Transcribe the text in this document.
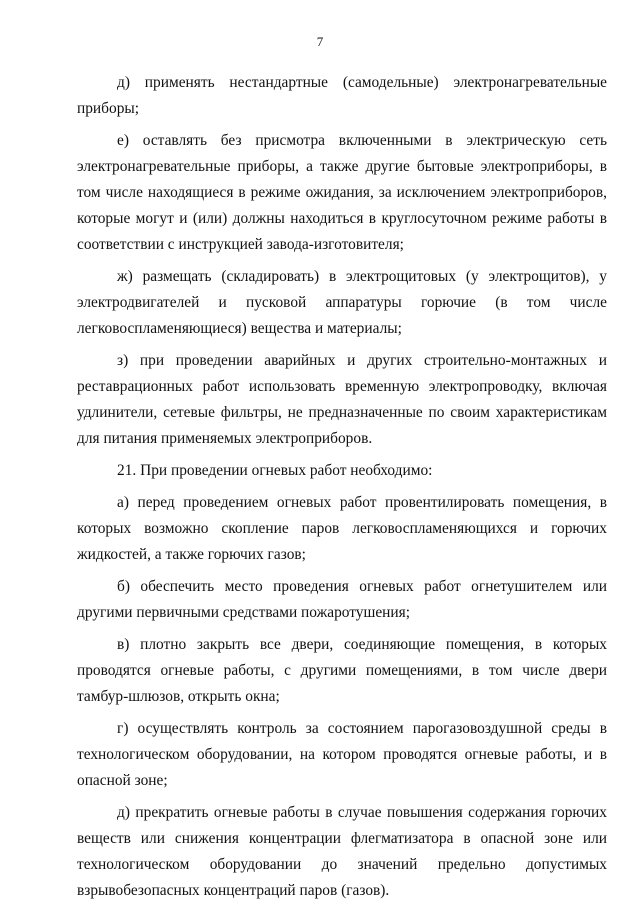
7

д) применять нестандартные (самодельные) электронагревательные приборы;

е) оставлять без присмотра включенными в электрическую сеть электронагревательные приборы, а также другие бытовые электроприборы, в том числе находящиеся в режиме ожидания, за исключением электроприборов, которые могут и (или) должны находиться в круглосуточном режиме работы в соответствии с инструкцией завода-изготовителя;

ж) размещать (складировать) в электрощитовых (у электрощитов), у электродвигателей и пусковой аппаратуры горючие (в том числе легковоспламеняющиеся) вещества и материалы;

з) при проведении аварийных и других строительно-монтажных и реставрационных работ использовать временную электропроводку, включая удлинители, сетевые фильтры, не предназначенные по своим характеристикам для питания применяемых электроприборов.

21. При проведении огневых работ необходимо:

а) перед проведением огневых работ провентилировать помещения, в которых возможно скопление паров легковоспламеняющихся и горючих жидкостей, а также горючих газов;

б) обеспечить место проведения огневых работ огнетушителем или другими первичными средствами пожаротушения;

в) плотно закрыть все двери, соединяющие помещения, в которых проводятся огневые работы, с другими помещениями, в том числе двери тамбур-шлюзов, открыть окна;

г) осуществлять контроль за состоянием парогазовоздушной среды в технологическом оборудовании, на котором проводятся огневые работы, и в опасной зоне;

д) прекратить огневые работы в случае повышения содержания горючих веществ или снижения концентрации флегматизатора в опасной зоне или технологическом оборудовании до значений предельно допустимых взрывобезопасных концентраций паров (газов).
